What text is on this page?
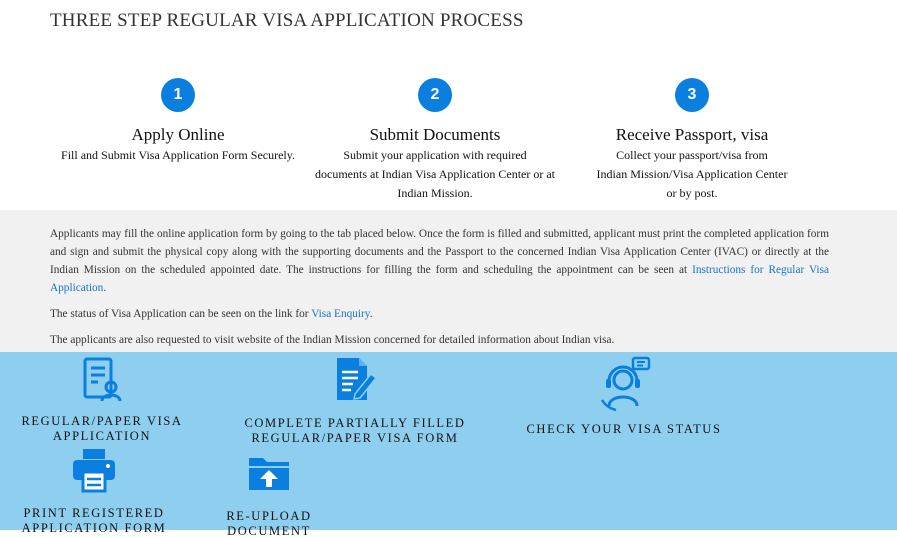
THREE STEP REGULAR VISA APPLICATION PROCESS
1
Apply Online
Fill and Submit Visa Application Form Securely.
2
Submit Documents
Submit your application with required
documents at Indian Visa Application Center or at
Indian Mission.
3
Receive Passport, visa
Collect your passport/visa from
Indian Mission/Visa Application Center
or by post.

Applicants may fill the online application form by going to the tab placed below. Once the form is filled and submitted, applicant must print the completed application form and sign and submit the physical copy along with the supporting documents and the Passport to the concerned Indian Visa Application Center (IVAC) or directly at the Indian Mission on the scheduled appointed date. The instructions for filling the form and scheduling the appointment can be seen at Instructions for Regular Visa Application.

The status of Visa Application can be seen on the link for Visa Enquiry.

The applicants are also requested to visit website of the Indian Mission concerned for detailed information about Indian visa.

REGULAR/PAPER VISA
APPLICATION
COMPLETE PARTIALLY FILLED
REGULAR/PAPER VISA FORM
CHECK YOUR VISA STATUS
PRINT REGISTERED
APPLICATION FORM
RE-UPLOAD
DOCUMENT
